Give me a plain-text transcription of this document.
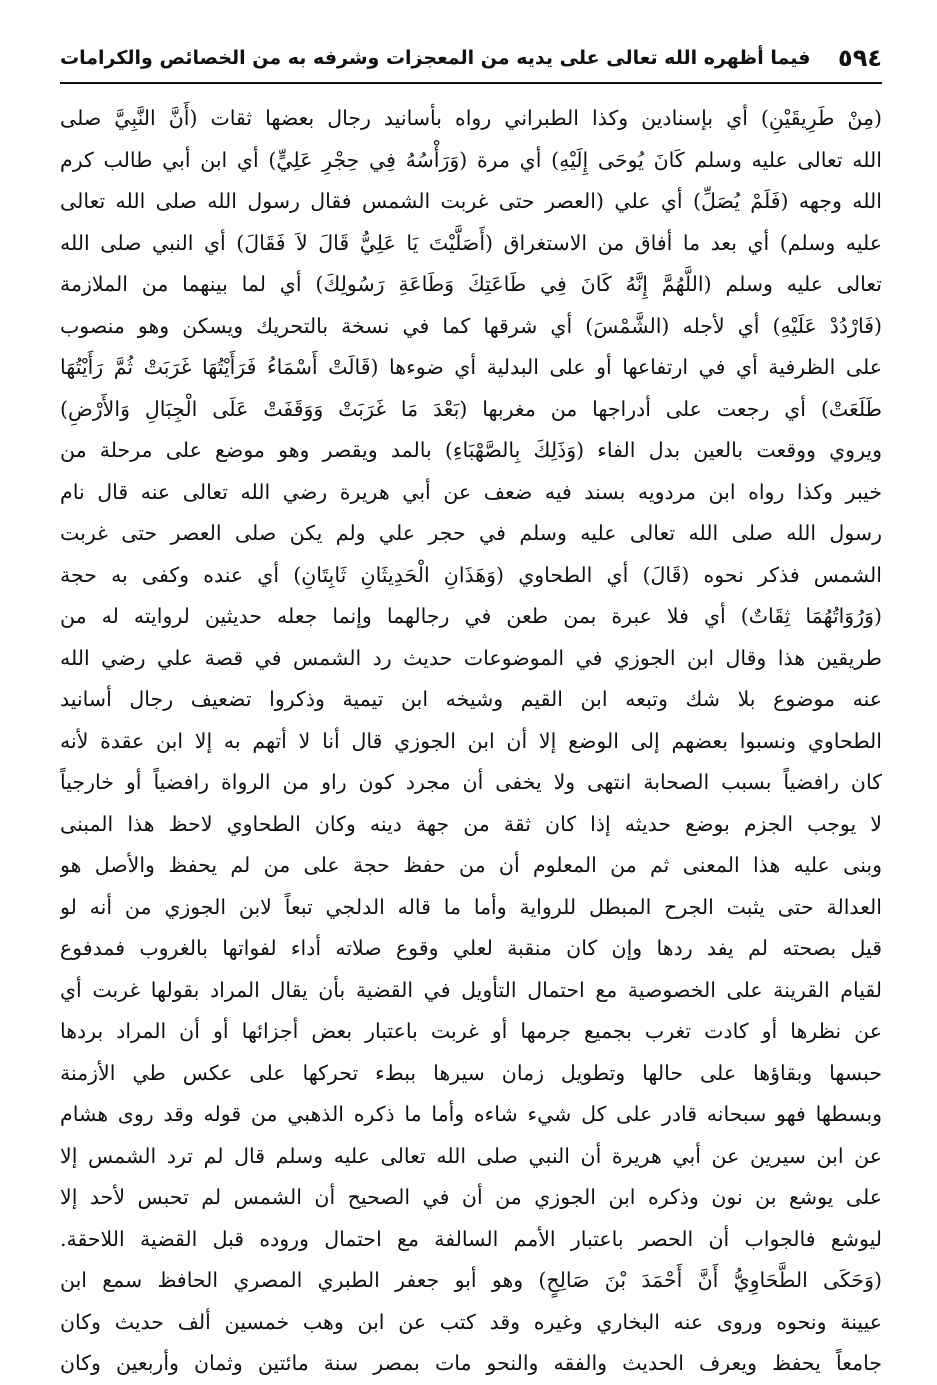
٥٩٤
فيما أظهره الله تعالى على يديه من المعجزات وشرفه به من الخصائص والكرامات
(مِنْ طَرِيقَيْنِ) أي بإسنادين وكذا الطبراني رواه بأسانيد رجال بعضها ثقات (أَنَّ النَّبِيَّ صلى
الله تعالى عليه وسلم كَانَ يُوحَى إِلَيْهِ) أي مرة (وَرَأْسُهُ فِي حِجْرِ عَلِيٍّ) أي ابن أبي طالب كرم
الله وجهه (فَلَمْ يُصَلِّ) أي علي (العصر حتى غربت الشمس فقال رسول الله صلى الله تعالى
عليه وسلم) أي بعد ما أفاق من الاستغراق (أَصَلَّيْتَ يَا عَلِيُّ قَالَ لاَ فَقَالَ) أي النبي صلى الله
تعالى عليه وسلم (اللَّهُمَّ إِنَّهُ كَانَ فِي طَاعَتِكَ وَطَاعَةِ رَسُولِكَ) أي لما بينهما من الملازمة
(فَارْدُدْ عَلَيْهِ) أي لأجله (الشَّمْسَ) أي شرقها كما في نسخة بالتحريك ويسكن وهو منصوب
على الظرفية أي في ارتفاعها أو على البدلية أي ضوءها (قَالَتْ أَسْمَاءُ فَرَأَيْتُهَا غَرَبَتْ ثُمَّ رَأَيْتُهَا
طَلَعَتْ) أي رجعت على أدراجها من مغربها (بَعْدَ مَا غَرَبَتْ وَوَقَفَتْ عَلَى الْجِبَالِ وَالأَرْضِ)
ويروي ووقعت بالعين بدل الفاء (وَذَلِكَ بِالصَّهْبَاءِ) بالمد ويقصر وهو موضع على مرحلة من
خيبر وكذا رواه ابن مردويه بسند فيه ضعف عن أبي هريرة رضي الله تعالى عنه قال نام
رسول الله صلى الله تعالى عليه وسلم في حجر علي ولم يكن صلى العصر حتى غربت
الشمس فذكر نحوه (قَالَ) أي الطحاوي (وَهَذَانِ الْحَدِيثَانِ ثَابِتَانِ) أي عنده وكفى به حجة
(وَرُوَاتُهُمَا ثِقَاتٌ) أي فلا عبرة بمن طعن في رجالهما وإنما جعله حديثين لروايته له من
طريقين هذا وقال ابن الجوزي في الموضوعات حديث رد الشمس في قصة علي رضي الله
عنه موضوع بلا شك وتبعه ابن القيم وشيخه ابن تيمية وذكروا تضعيف رجال أسانيد
الطحاوي ونسبوا بعضهم إلى الوضع إلا أن ابن الجوزي قال أنا لا أتهم به إلا ابن عقدة لأنه
كان رافضياً بسبب الصحابة انتهى ولا يخفى أن مجرد كون راو من الرواة رافضياً أو خارجياً
لا يوجب الجزم بوضع حديثه إذا كان ثقة من جهة دينه وكان الطحاوي لاحظ هذا المبنى
وبنى عليه هذا المعنى ثم من المعلوم أن من حفظ حجة على من لم يحفظ والأصل هو
العدالة حتى يثبت الجرح المبطل للرواية وأما ما قاله الدلجي تبعاً لابن الجوزي من أنه لو
قيل بصحته لم يفد ردها وإن كان منقبة لعلي وقوع صلاته أداء لفواتها بالغروب فمدفوع
لقيام القرينة على الخصوصية مع احتمال التأويل في القضية بأن يقال المراد بقولها غربت أي
عن نظرها أو كادت تغرب بجميع جرمها أو غربت باعتبار بعض أجزائها أو أن المراد بردها
حبسها وبقاؤها على حالها وتطويل زمان سيرها ببطء تحركها على عكس طي الأزمنة
وبسطها فهو سبحانه قادر على كل شيء شاءه وأما ما ذكره الذهبي من قوله وقد روى هشام
عن ابن سيرين عن أبي هريرة أن النبي صلى الله تعالى عليه وسلم قال لم ترد الشمس إلا
على يوشع بن نون وذكره ابن الجوزي من أن في الصحيح أن الشمس لم تحبس لأحد إلا
ليوشع فالجواب أن الحصر باعتبار الأمم السالفة مع احتمال وروده قبل القضية اللاحقة.
(وَحَكَى الطَّحَاوِيُّ أَنَّ أَحْمَدَ بْنَ صَالِحٍ) وهو أبو جعفر الطبري المصري الحافظ سمع ابن
عيينة ونحوه وروى عنه البخاري وغيره وقد كتب عن ابن وهب خمسين ألف حديث وكان
جامعاً يحفظ ويعرف الحديث والفقه والنحو مات بمصر سنة مائتين وثمان وأربعين وكان
